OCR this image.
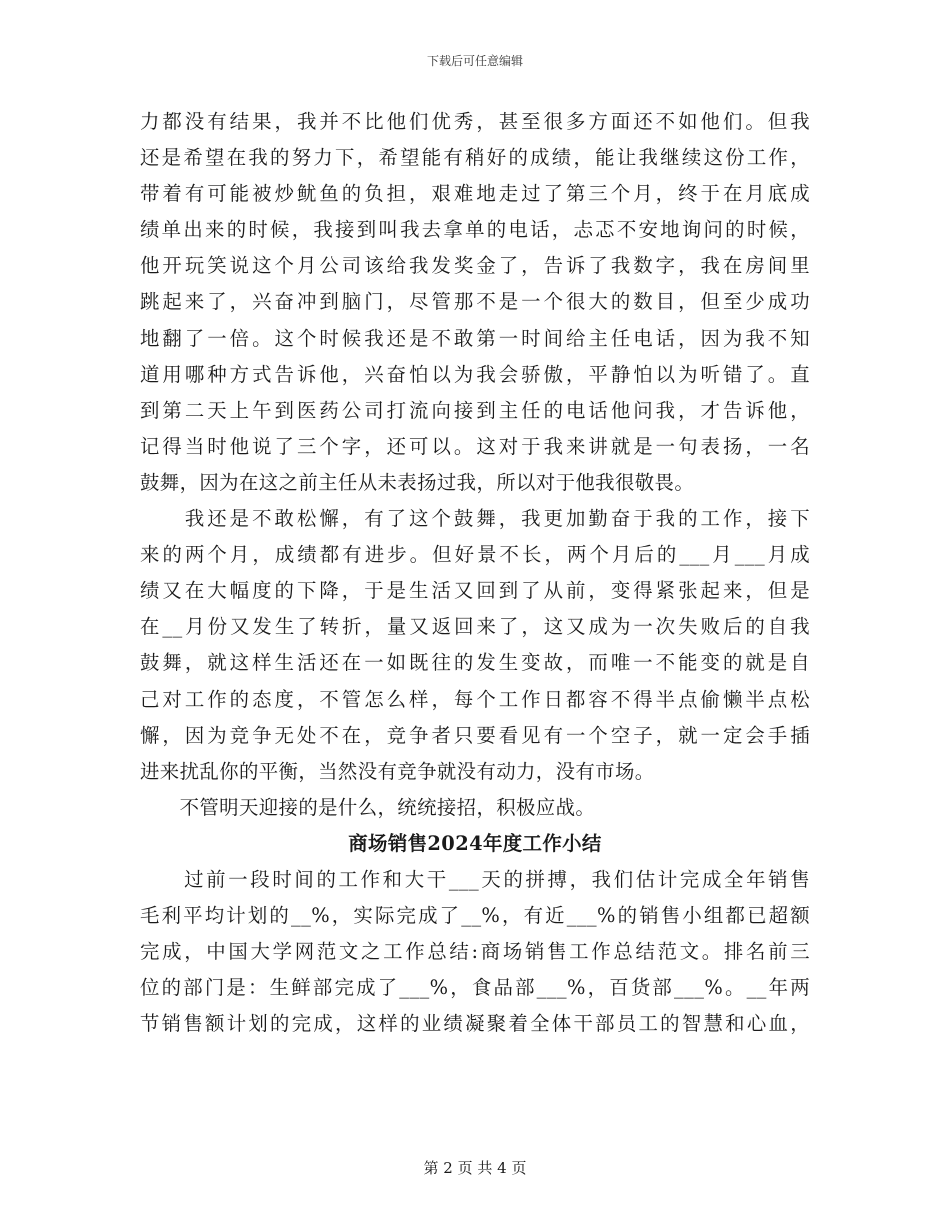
下载后可任意编辑
力都没有结果，我并不比他们优秀，甚至很多方面还不如他们。但我
还是希望在我的努力下，希望能有稍好的成绩，能让我继续这份工作，
带着有可能被炒鱿鱼的负担，艰难地走过了第三个月，终于在月底成
绩单出来的时候，我接到叫我去拿单的电话，忐忑不安地询问的时候，
他开玩笑说这个月公司该给我发奖金了，告诉了我数字，我在房间里
跳起来了，兴奋冲到脑门，尽管那不是一个很大的数目，但至少成功
地翻了一倍。这个时候我还是不敢第一时间给主任电话，因为我不知
道用哪种方式告诉他，兴奋怕以为我会骄傲，平静怕以为听错了。直
到第二天上午到医药公司打流向接到主任的电话他问我，才告诉他，
记得当时他说了三个字，还可以。这对于我来讲就是一句表扬，一名
鼓舞，因为在这之前主任从未表扬过我，所以对于他我很敬畏。
　　我还是不敢松懈，有了这个鼓舞，我更加勤奋于我的工作，接下
来的两个月，成绩都有进步。但好景不长，两个月后的___月___月成
绩又在大幅度的下降，于是生活又回到了从前，变得紧张起来，但是
在__月份又发生了转折，量又返回来了，这又成为一次失败后的自我
鼓舞，就这样生活还在一如既往的发生变故，而唯一不能变的就是自
己对工作的态度，不管怎么样，每个工作日都容不得半点偷懒半点松
懈，因为竞争无处不在，竞争者只要看见有一个空子，就一定会手插
进来扰乱你的平衡，当然没有竞争就没有动力，没有市场。
　　不管明天迎接的是什么，统统接招，积极应战。
商场销售2024年度工作小结
　　过前一段时间的工作和大干___天的拼搏，我们估计完成全年销售
毛利平均计划的__%，实际完成了__%，有近___%的销售小组都已超额
完成，中国大学网范文之工作总结:商场销售工作总结范文。排名前三
位的部门是：生鲜部完成了___%，食品部___%，百货部___%。__年两
节销售额计划的完成，这样的业绩凝聚着全体干部员工的智慧和心血，
第 2 页 共 4 页
